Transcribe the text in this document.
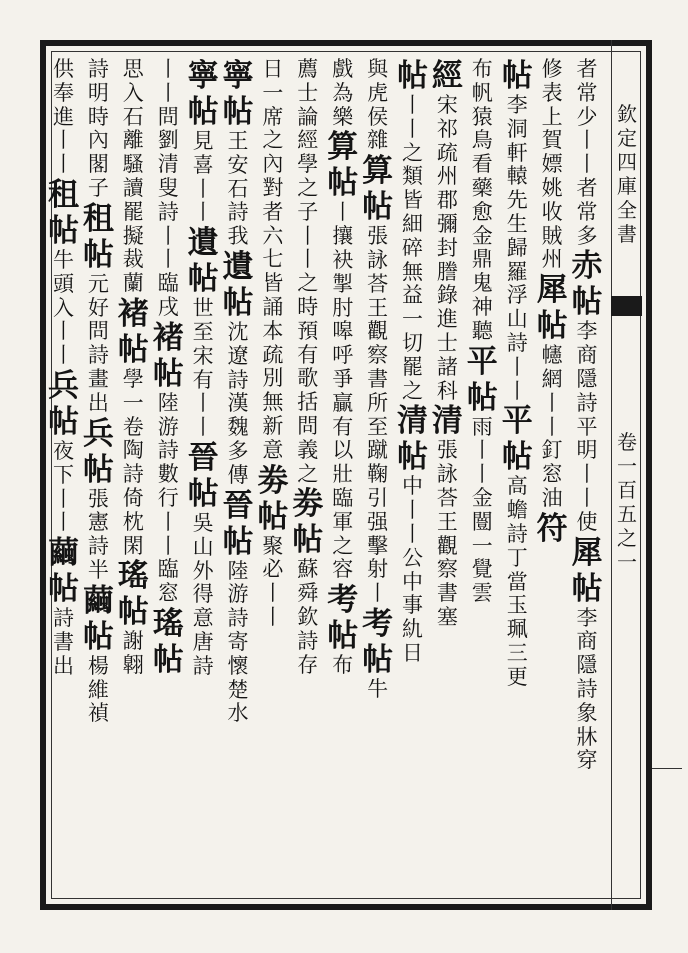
欽定四庫全書
卷一百五之一
者常少丨
丨者常多
赤帖
李商隱詩平明丨丨使
犀帖
李商隱詩象牀穿
修表上賀嫖姚收賊州
犀帖
幰網丨丨釘窓油
符
帖
李洞軒轅先生歸羅浮山詩丨丨
平帖
高蟾詩丁當玉珮三更
布帆猿鳥看藥愈金鼎鬼神聽
平帖
雨丨丨金闓一覺雲
經
宋祁疏州郡彌封謄錄進士諸科
清
張詠荅王觀察書塞
帖
丨丨之類皆細碎無益一切罷之
清帖
中丨丨公中事䊵日
與虎侯雜
算帖
張詠荅王觀察書所至蹴鞠引强擊射丨
考帖
牛
戲為樂
算帖
丨攘袂掣肘嗥呼爭贏有以壯臨軍之容
考帖
布
薦士論經學之子丨丨之時預有歌括問義之
劵帖
蘇舜欽詩存
日一席之內對者六七皆誦本疏別無新意
劵帖
聚必丨丨
寧帖
王安石詩我
遺帖
沈遼詩漢魏多傳
晉帖
陸游詩寄懷楚水
寧帖
見喜丨丨
遺帖
世至宋有丨丨
晉帖
吳山外得意唐詩
丨丨問劉清叟詩丨丨臨戌
褚帖
陸游詩數行丨丨臨窓
瑤帖
思入石離騷讀罷擬裁蘭
褚帖
學一卷陶詩倚枕閑
瑤帖
謝翺
詩明時內閣子
租帖
元好問詩畫出
兵帖
張憲詩半
繭帖
楊維禎
供奉進丨丨
租帖
牛頭入丨丨
兵帖
夜下丨丨
繭帖
詩書出
